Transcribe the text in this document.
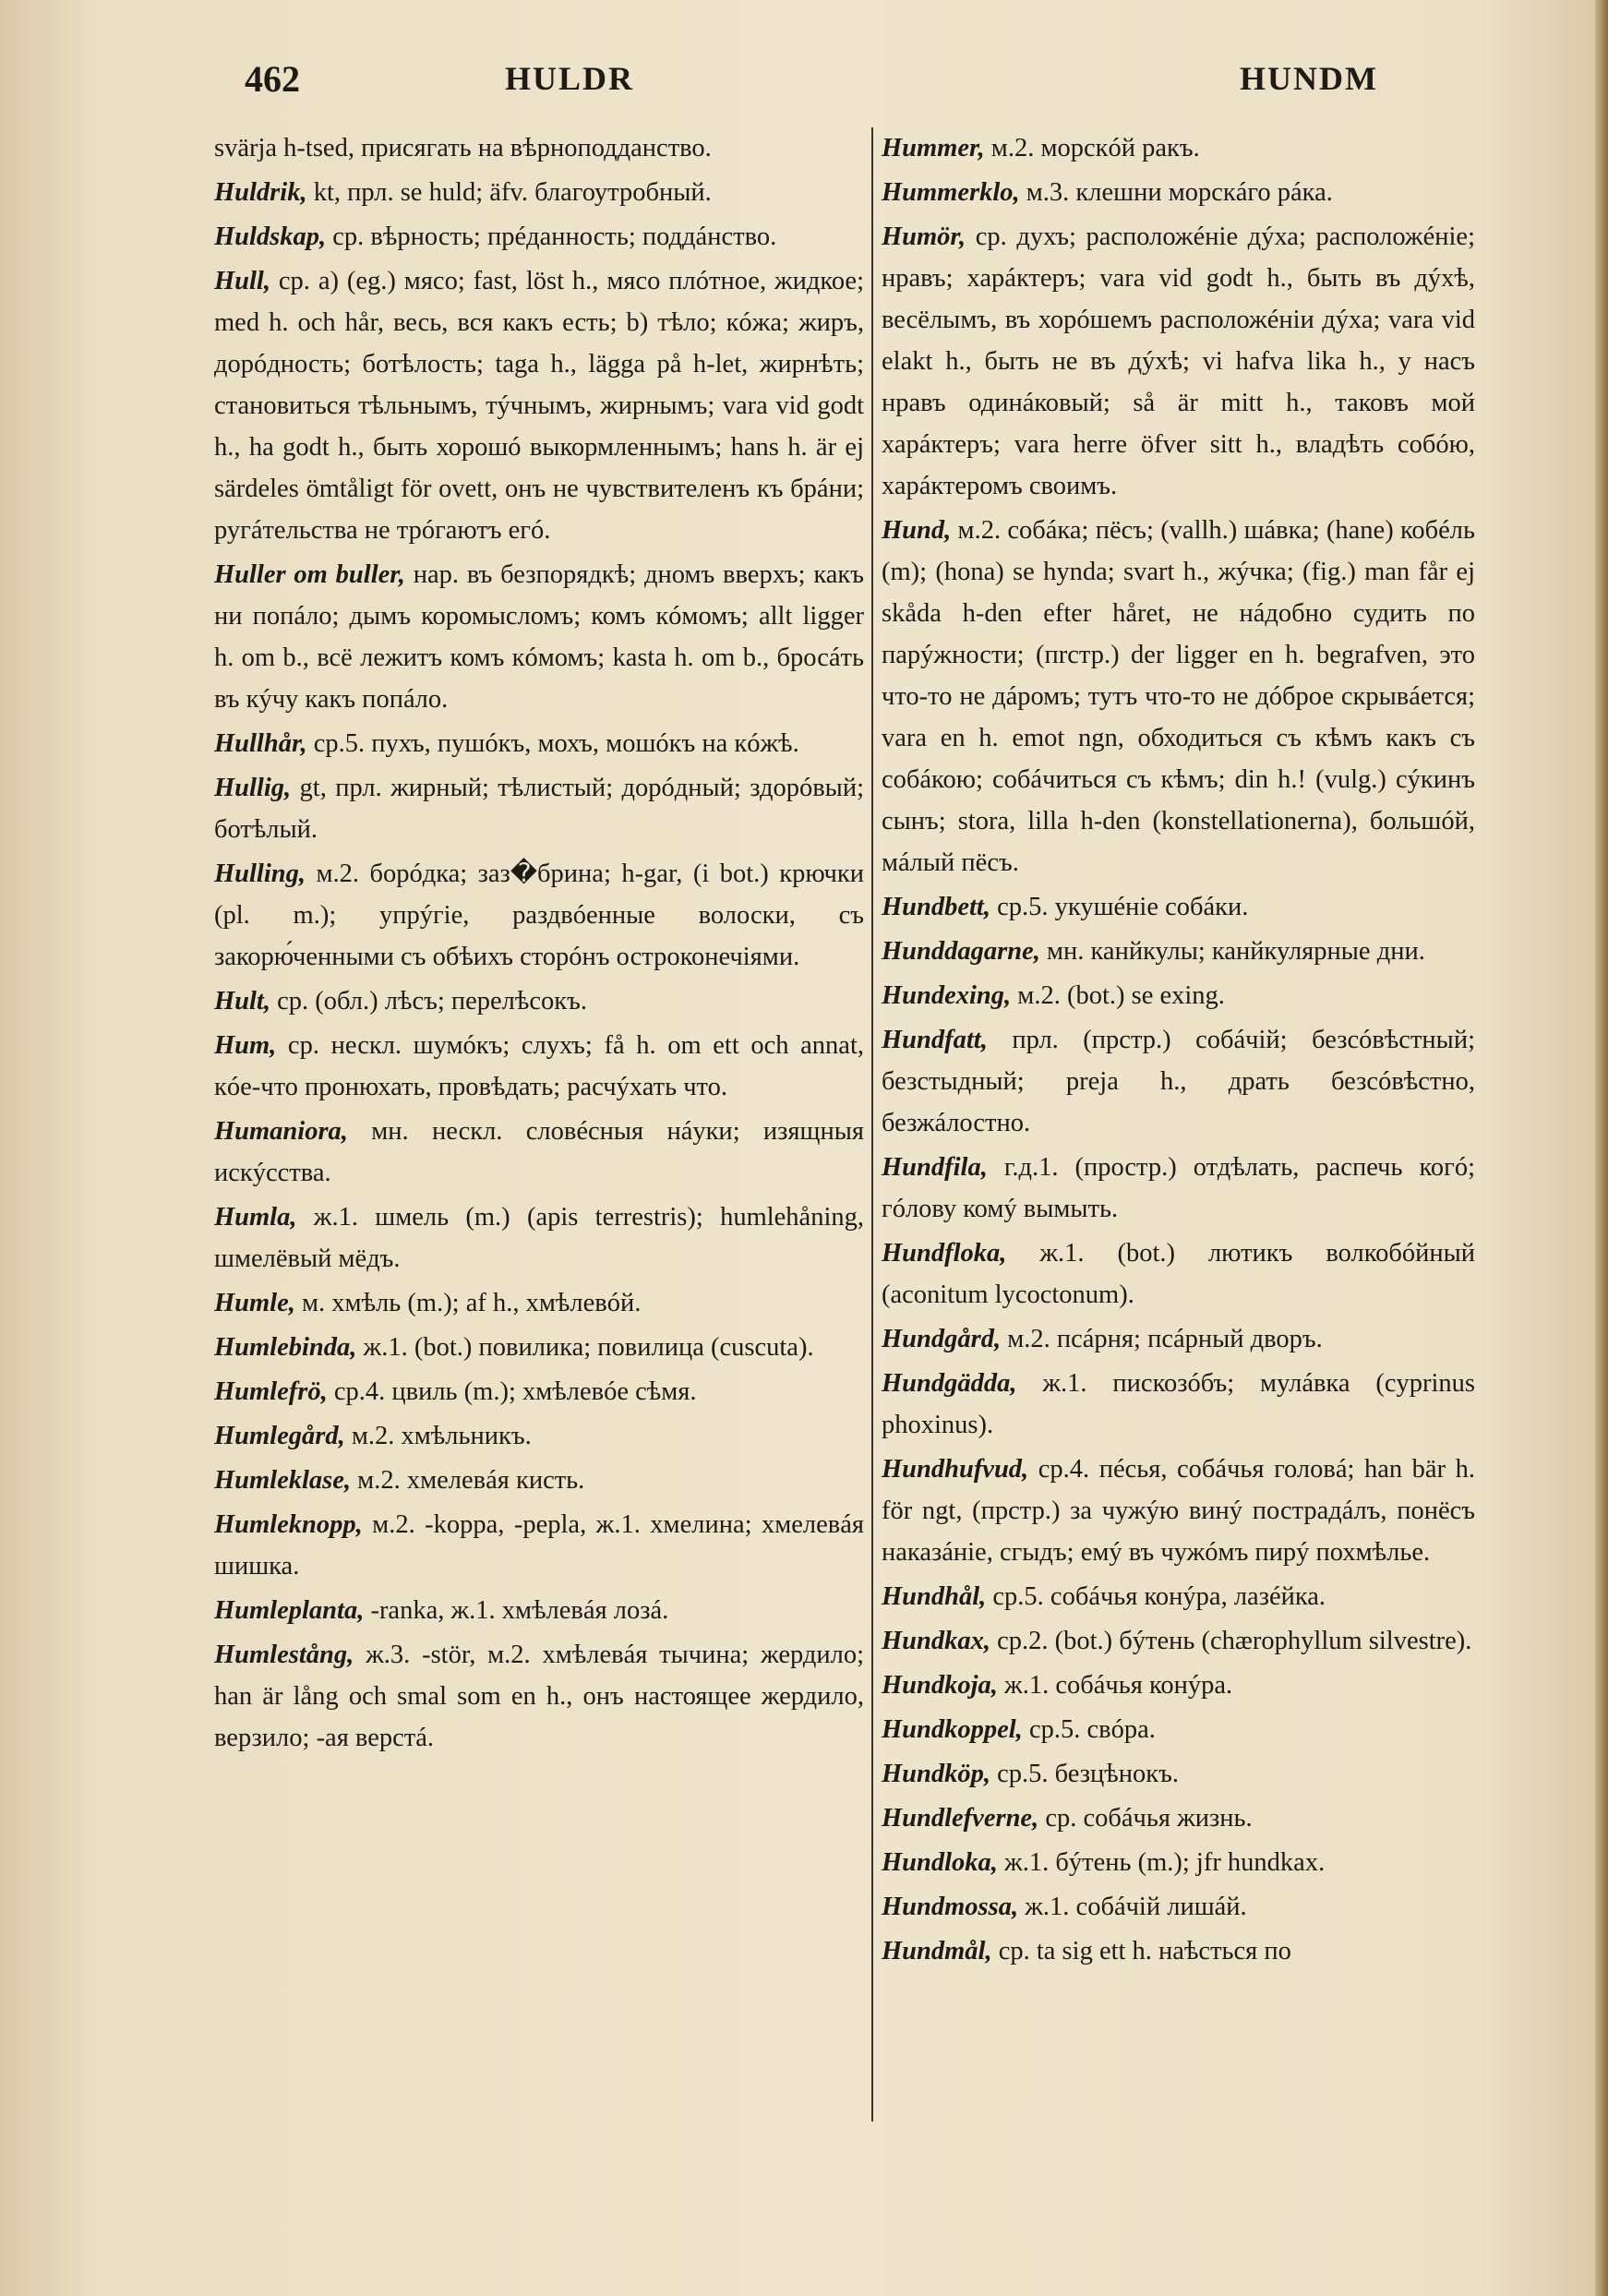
462	HULDR	HUNDM
svärja h-tsed, присягать на вѣрноподданство.
Huldrik, kt, прл. se huld; äfv. благоутробный.
Huldskap, ср. вѣрность; прéданность; поддáнство.
Hull, ср. a) (eg.) мясо; fast, löst h., мясо плóтное, жидкое; med h. och hår, весь, вся какъ есть; b) тѣло; кóжа; жиръ, дорóдность; ботѣлость; taga h., lägga på h-let, жирнѣть; становиться тѣльнымъ, тýчнымъ, жирнымъ; vara vid godt h., ha godt h., быть хорошó выкормленнымъ; hans h. är ej särdeles ömtåligt för ovett, онъ не чувствителенъ къ брáни; ругáтельства не трóгаютъ егó.
Huller om buller, нар. въ безпорядкѣ; дномъ вверхъ; какъ ни попáло; дымъ коромысломъ; комъ кóмомъ; allt ligger h. om b., всё лежитъ комъ кóмомъ; kasta h. om b., бросáть въ кýчу какъ попáло.
Hullhår, ср.5. пухъ, пушóкъ, мохъ, мошóкъ на кóжѣ.
Hullig, gt, прл. жирный; тѣлистый; дорóдный; здорóвый; ботѣлый.
Hulling, м.2. борóдка; заз�брина; h-gar, (i bot.) крючки (pl. m.); упрýгіе, раздвóенные волоски, съ закорю́ченными съ обѣихъ сторóнъ остроконечіями.
Hult, ср. (обл.) лѣсъ; перелѣсокъ.
Hum, ср. нескл. шумóкъ; слухъ; få h. om ett och annat, кóе-что пронюхать, провѣдать; расчýхать что.
Humaniora, мн. нескл. словéсныя нáуки; изящныя искýсства.
Humla, ж.1. шмель (m.) (apis terrestris); humlehåning, шмелёвый мёдъ.
Humle, м. хмѣль (m.); af h., хмѣлевóй.
Humlebinda, ж.1. (bot.) повилика; повилица (cuscuta).
Humlefrö, ср.4. цвиль (m.); хмѣлевóе сѣмя.
Humlegård, м.2. хмѣльникъ.
Humleklase, м.2. хмелевáя кисть.
Humleknopp, м.2. -koppa, -pepla, ж.1. хмелина; хмелевáя шишка.
Humleplanta, -ranka, ж.1. хмѣлевáя лозá.
Humlestång, ж.3. -stör, м.2. хмѣлевáя тычина; жердило; han är lång och smal som en h., онъ настоящее жердило, верзило; -ая верстá.
Hummer, м.2. морскóй ракъ.
Hummerklo, м.3. клешни морскáго рáка.
Humör, ср. духъ; расположéніе дýха; расположéніе; нравъ; харáктеръ; vara vid godt h., быть въ дýхѣ, весёлымъ, въ хорóшемъ расположéніи дýха; vara vid elakt h., быть не въ дýхѣ; vi hafva lika h., у насъ нравъ одинáковый; så är mitt h., таковъ мой харáктеръ; vara herre öfver sitt h., владѣть собóю, харáктеромъ своимъ.
Hund, м.2. собáка; пёсъ; (vallh.) шáвка; (hane) кобéль (m); (hona) se hynda; svart h., жýчка; (fig.) man får ej skåda h-den efter håret, не нáдобно судить по парýжности; (пrстр.) der ligger en h. begrafven, это что-то не дáромъ; тутъ что-то не дóброе скрывáется; vara en h. emot ngn, обходиться съ кѣмъ какъ съ собáкою; собáчиться съ кѣмъ; din h.! (vulg.) сýкинъ сынъ; stora, lilla h-den (konstellationerna), большóй, мáлый пёсъ.
Hundbett, ср.5. укушéніе собáки.
Hunddagarne, мн. канйкулы; канйкулярные дни.
Hundexing, м.2. (bot.) se exing.
Hundfatt, прл. (прстр.) собáчій; безсóвѣстный; безстыдный; preja h., драть безсóвѣстно, безжáлостно.
Hundfila, г.д.1. (простр.) отдѣлать, распечь когó; гóлову комý вымыть.
Hundfloka, ж.1. (bot.) лютикъ волкобóйный (aconitum lycoctonum).
Hundgård, м.2. псáрня; псáрный дворъ.
Hundgädda, ж.1. пискозóбъ; мулáвка (cyprinus phoxinus).
Hundhufvud, ср.4. пéсья, собáчья головá; han bär h. för ngt, (прстр.) за чужýю винý пострадáлъ, понёсъ наказáніе, сгыдъ; емý въ чужóмъ пирý похмѣлье.
Hundhål, ср.5. собáчья конýра, лазéйка.
Hundkax, ср.2. (bot.) бýтень (chærophyllum silvestre).
Hundkoja, ж.1. собáчья конýра.
Hundkoppel, ср.5. свóра.
Hundköp, ср.5. безцѣнокъ.
Hundlefverne, ср. собáчья жизнь.
Hundloka, ж.1. бýтень (m.); jfr hundkax.
Hundmossa, ж.1. собáчій лишáй.
Hundmål, ср. ta sig ett h. наѣсться по
